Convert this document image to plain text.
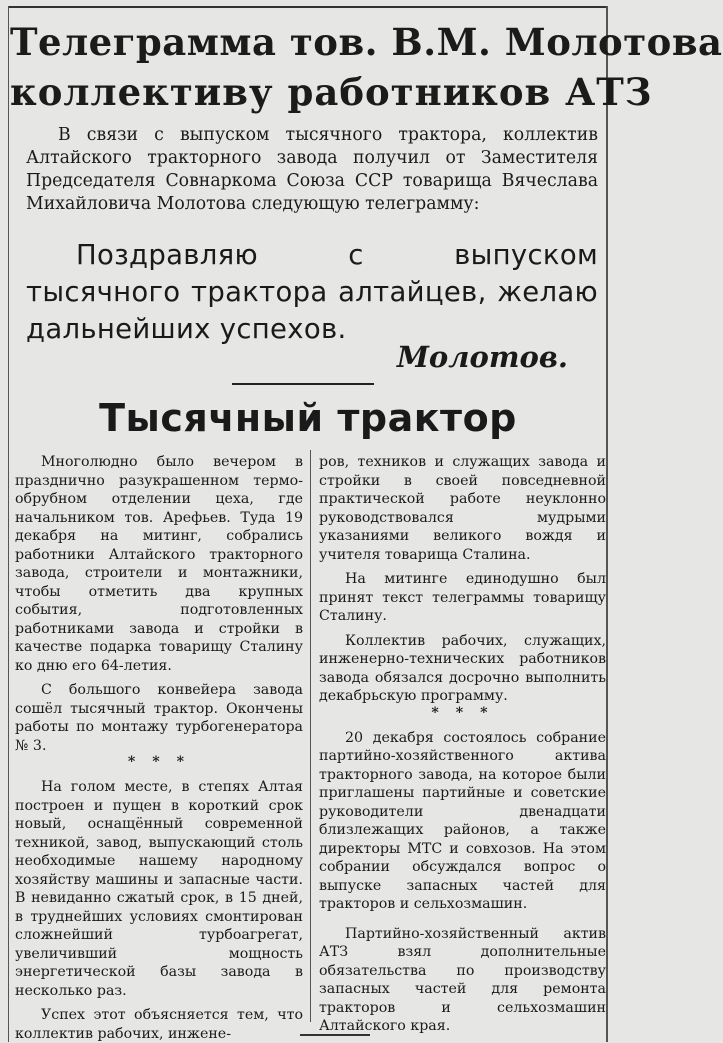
Телеграмма тов. В.М. Молотова
коллективу работников АТЗ

В связи с выпуском тысячного трактора, коллектив Алтайского тракторного завода получил от Заместителя Председателя Совнаркома Союза ССР товарища Вячеслава Михайловича Молотова следующую телеграмму:

Поздравляю с выпуском тысячного трактора алтайцев, желаю дальнейших успехов.

Молотов.

Тысячный трактор

Многолюдно было вечером в празднично разукрашенном термо-обрубном отделении цеха, где начальником тов. Арефьев. Туда 19 декабря на митинг, собрались работники Алтайского тракторного завода, строители и монтажники, чтобы отметить два крупных события, подготовленных работниками завода и стройки в качестве подарка товарищу Сталину ко дню его 64-летия.

С большого конвейера завода сошёл тысячный трактор. Окончены работы по монтажу турбогенератора № 3.

* * *

На голом месте, в степях Алтая построен и пущен в короткий срок новый, оснащённый современной техникой, завод, выпускающий столь необходимые нашему народному хозяйству машины и запасные части. В невиданно сжатый срок, в 15 дней, в труднейших условиях смонтирован сложнейший турбоагрегат, увеличивший мощность энергетической базы завода в несколько раз.

Успех этот объясняется тем, что коллектив рабочих, инжене-

ров, техников и служащих завода и стройки в своей повседневной практической работе неуклонно руководствовался мудрыми указаниями великого вождя и учителя товарища Сталина.

На митинге единодушно был принят текст телеграммы товарищу Сталину.

Коллектив рабочих, служащих, инженерно-технических работников завода обязался досрочно выполнить декабрьскую программу.

* * *

20 декабря состоялось собрание партийно-хозяйственного актива тракторного завода, на которое были приглашены партийные и советские руководители двенадцати близлежащих районов, а также директоры МТС и совхозов. На этом собрании обсуждался вопрос о выпуске запасных частей для тракторов и сельхозмашин.

Партийно-хозяйственный актив АТЗ взял дополнительные обязательства по производству запасных частей для ремонта тракторов и сельхозмашин Алтайского края.
